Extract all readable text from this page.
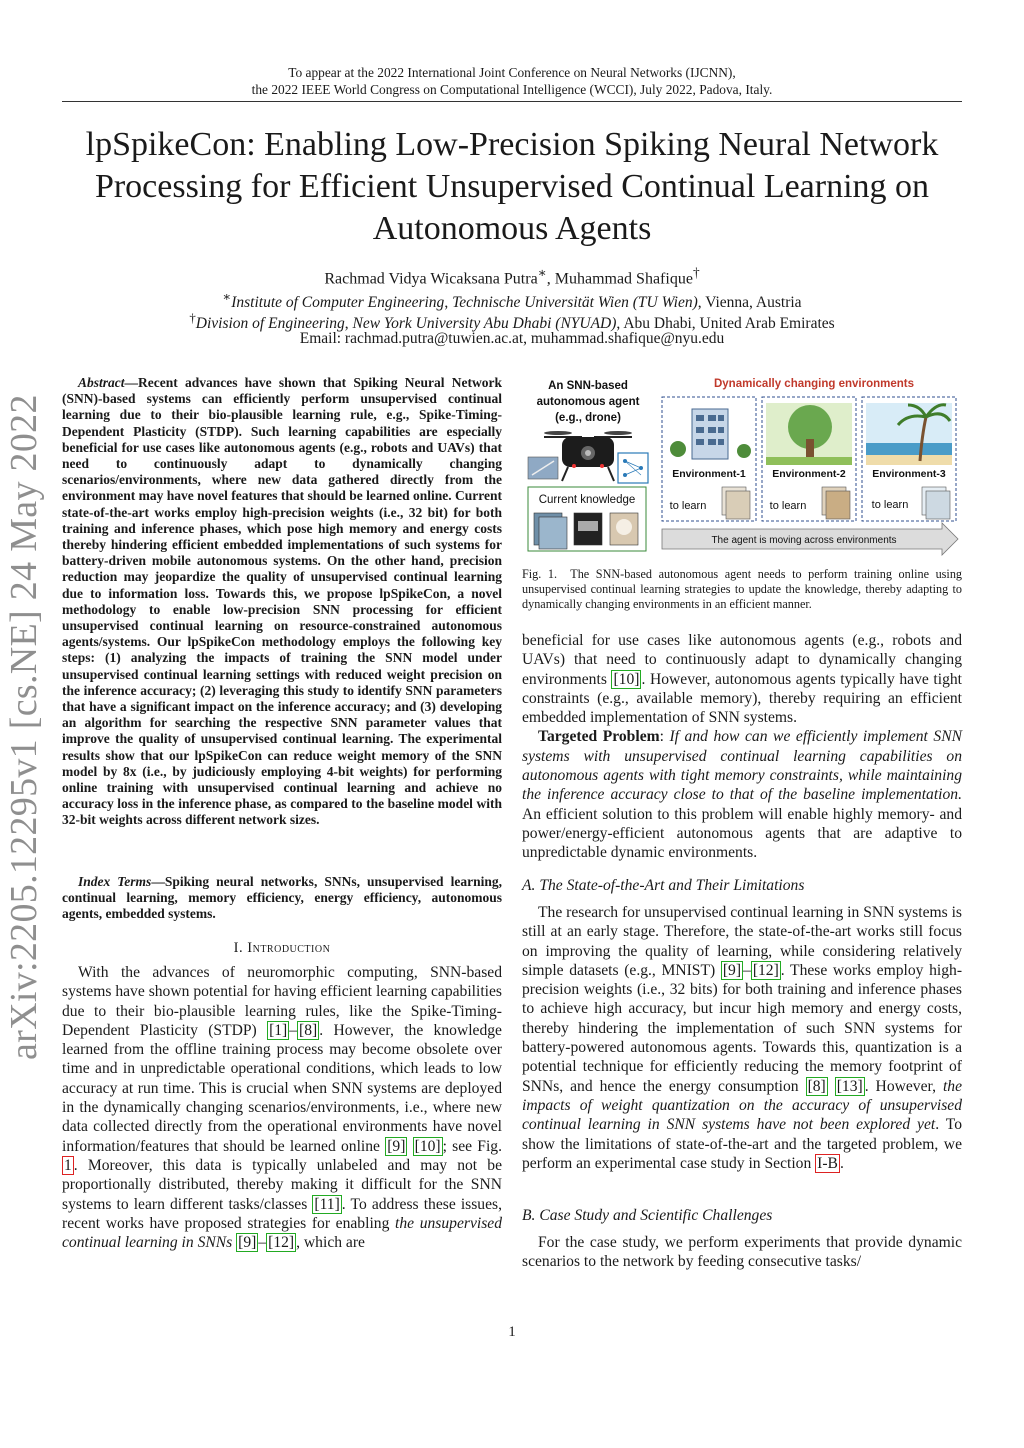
To appear at the 2022 International Joint Conference on Neural Networks (IJCNN),
the 2022 IEEE World Congress on Computational Intelligence (WCCI), July 2022, Padova, Italy.
lpSpikeCon: Enabling Low-Precision Spiking Neural Network
Processing for Efficient Unsupervised Continual Learning on
Autonomous Agents
Rachmad Vidya Wicaksana Putra∗, Muhammad Shafique†
∗Institute of Computer Engineering, Technische Universität Wien (TU Wien), Vienna, Austria
†Division of Engineering, New York University Abu Dhabi (NYUAD), Abu Dhabi, United Arab Emirates
Email: rachmad.putra@tuwien.ac.at, muhammad.shafique@nyu.edu
arXiv:2205.12295v1 [cs.NE] 24 May 2022

Abstract—Recent advances have shown that Spiking Neural Network (SNN)-based systems can efficiently perform unsupervised continual learning due to their bio-plausible learning rule, e.g., Spike-Timing-Dependent Plasticity (STDP). Such learning capabilities are especially beneficial for use cases like autonomous agents (e.g., robots and UAVs) that need to continuously adapt to dynamically changing scenarios/environments, where new data gathered directly from the environment may have novel features that should be learned online. Current state-of-the-art works employ high-precision weights (i.e., 32 bit) for both training and inference phases, which pose high memory and energy costs thereby hindering efficient embedded implementations of such systems for battery-driven mobile autonomous systems. On the other hand, precision reduction may jeopardize the quality of unsupervised continual learning due to information loss. Towards this, we propose lpSpikeCon, a novel methodology to enable low-precision SNN processing for efficient unsupervised continual learning on resource-constrained autonomous agents/systems. Our lpSpikeCon methodology employs the following key steps: (1) analyzing the impacts of training the SNN model under unsupervised continual learning settings with reduced weight precision on the inference accuracy; (2) leveraging this study to identify SNN parameters that have a significant impact on the inference accuracy; and (3) developing an algorithm for searching the respective SNN parameter values that improve the quality of unsupervised continual learning. The experimental results show that our lpSpikeCon can reduce weight memory of the SNN model by 8x (i.e., by judiciously employing 4-bit weights) for performing online training with unsupervised continual learning and achieve no accuracy loss in the inference phase, as compared to the baseline model with 32-bit weights across different network sizes.

Index Terms—Spiking neural networks, SNNs, unsupervised learning, continual learning, memory efficiency, energy efficiency, autonomous agents, embedded systems.

I. Introduction

With the advances of neuromorphic computing, SNN-based systems have shown potential for having efficient learning capabilities due to their bio-plausible learning rules, like the Spike-Timing-Dependent Plasticity (STDP) [1] – [8] . However, the knowledge learned from the offline training process may become obsolete over time and in unpredictable operational conditions, which leads to low accuracy at run time. This is crucial when SNN systems are deployed in the dynamically changing scenarios/environments, i.e., where new data collected directly from the operational environments have novel information/features that should be learned online [9] [10] ; see Fig. 1 . Moreover, this data is typically unlabeled and may not be proportionally distributed, thereby making it difficult for the SNN systems to learn different tasks/classes [11] . To address these issues, recent works have proposed strategies for enabling the unsupervised continual learning in SNNs [9] – [12] , which are

An SNN-based
autonomous agent
(e.g., drone)
Current knowledge
Dynamically changing environments
Environment-1
to learn
Environment-2
to learn
Environment-3
to learn
The agent is moving across environments
Fig. 1. The SNN-based autonomous agent needs to perform training online using unsupervised continual learning strategies to update the knowledge, thereby adapting to dynamically changing environments in an efficient manner.

beneficial for use cases like autonomous agents (e.g., robots and UAVs) that need to continuously adapt to dynamically changing environments [10] . However, autonomous agents typically have tight constraints (e.g., available memory), thereby requiring an efficient embedded implementation of SNN systems.

Targeted Problem: If and how can we efficiently implement SNN systems with unsupervised continual learning capabilities on autonomous agents with tight memory constraints, while maintaining the inference accuracy close to that of the baseline implementation. An efficient solution to this problem will enable highly memory- and power/energy-efficient autonomous agents that are adaptive to unpredictable dynamic environments.

A. The State-of-the-Art and Their Limitations

The research for unsupervised continual learning in SNN systems is still at an early stage. Therefore, the state-of-the-art works still focus on improving the quality of learning, while considering relatively simple datasets (e.g., MNIST) [9] – [12] . These works employ high-precision weights (i.e., 32 bits) for both training and inference phases to achieve high accuracy, but incur high memory and energy costs, thereby hindering the implementation of such SNN systems for battery-powered autonomous agents. Towards this, quantization is a potential technique for efficiently reducing the memory footprint of SNNs, and hence the energy consumption [8] [13] . However, the impacts of weight quantization on the accuracy of unsupervised continual learning in SNN systems have not been explored yet. To show the limitations of state-of-the-art and the targeted problem, we perform an experimental case study in Section I-B .

B. Case Study and Scientific Challenges

For the case study, we perform experiments that provide dynamic scenarios to the network by feeding consecutive tasks/

1
